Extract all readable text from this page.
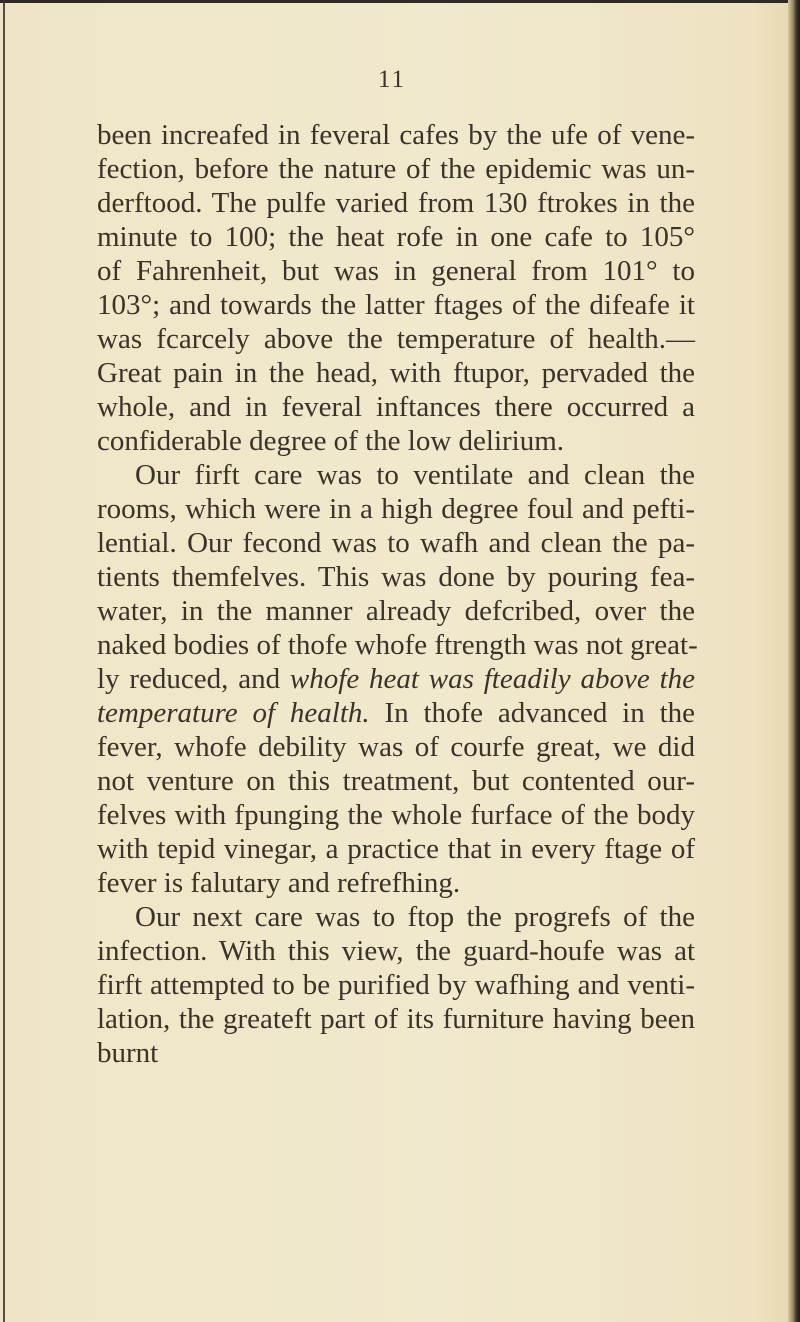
11
been increafed in feveral cafes by the ufe of vene-
fection, before the nature of the epidemic was un-
derftood. The pulfe varied from 130 ftrokes in the
minute to 100; the heat rofe in one cafe to 105°
of Fahrenheit, but was in general from 101° to
103°; and towards the latter ftages of the difeafe it
was fcarcely above the temperature of health.—
Great pain in the head, with ftupor, pervaded the
whole, and in feveral inftances there occurred a
confiderable degree of the low delirium.
Our firft care was to ventilate and clean the
rooms, which were in a high degree foul and pefti-
lential. Our fecond was to wafh and clean the pa-
tients themfelves. This was done by pouring fea-
water, in the manner already defcribed, over the
naked bodies of thofe whofe ftrength was not great-
ly reduced, and whofe heat was fteadily above the
temperature of health. In thofe advanced in the
fever, whofe debility was of courfe great, we did
not venture on this treatment, but contented our-
felves with fpunging the whole furface of the body
with tepid vinegar, a practice that in every ftage of
fever is falutary and refrefhing.
Our next care was to ftop the progrefs of the
infection. With this view, the guard-houfe was at
firft attempted to be purified by wafhing and venti-
lation, the greateft part of its furniture having been
burnt
